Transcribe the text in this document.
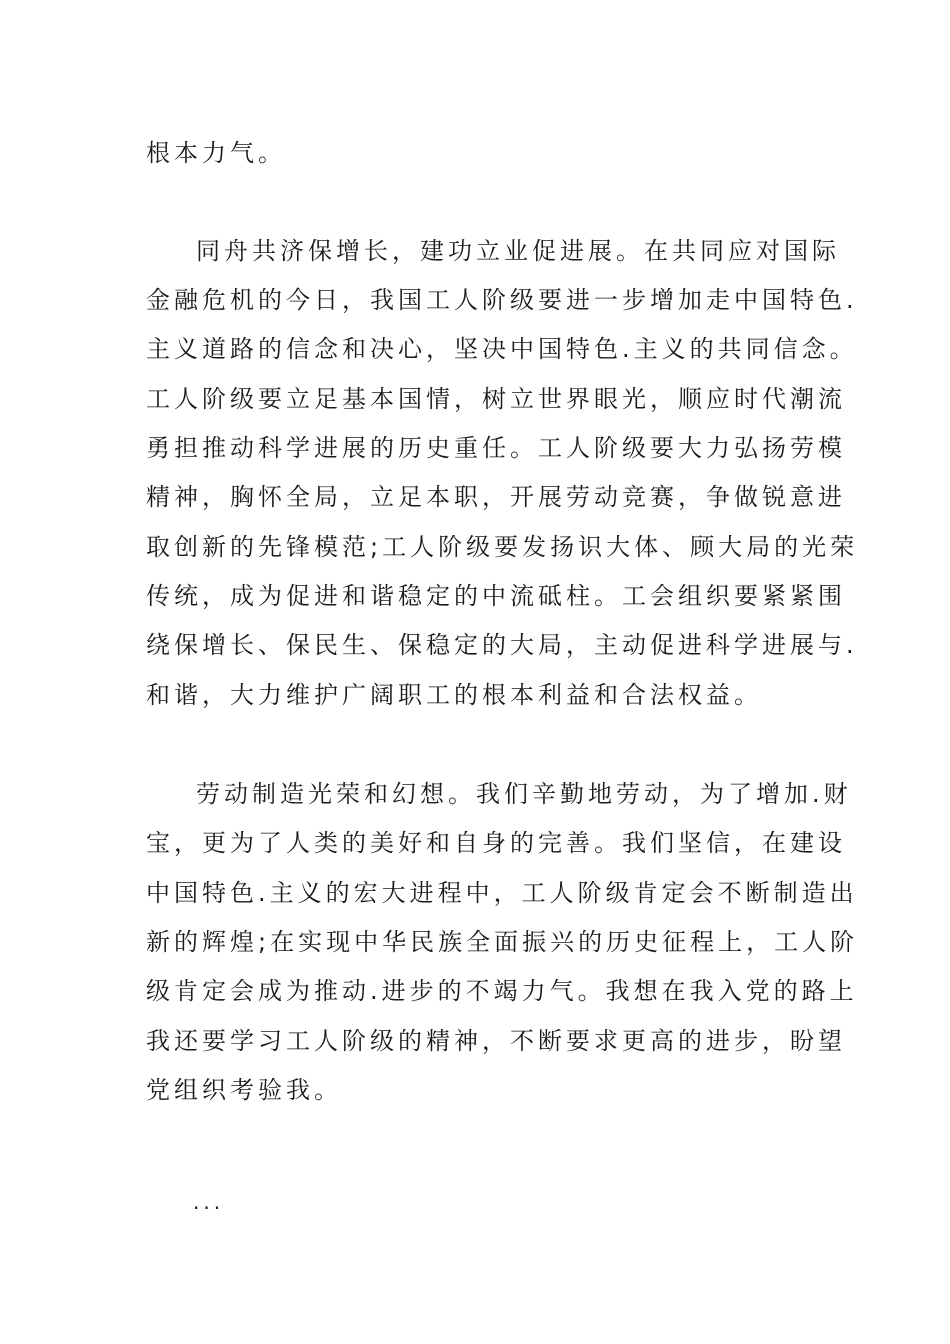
根本力气。
同舟共济保增长，建功立业促进展。在共同应对国际
金融危机的今日，我国工人阶级要进一步增加走中国特色.
主义道路的信念和决心，坚决中国特色.主义的共同信念。
工人阶级要立足基本国情，树立世界眼光，顺应时代潮流
勇担推动科学进展的历史重任。工人阶级要大力弘扬劳模
精神，胸怀全局，立足本职，开展劳动竞赛，争做锐意进
取创新的先锋模范;工人阶级要发扬识大体、顾大局的光荣
传统，成为促进和谐稳定的中流砥柱。工会组织要紧紧围
绕保增长、保民生、保稳定的大局，主动促进科学进展与.
和谐，大力维护广阔职工的根本利益和合法权益。
劳动制造光荣和幻想。我们辛勤地劳动，为了增加.财
宝，更为了人类的美好和自身的完善。我们坚信，在建设
中国特色.主义的宏大进程中，工人阶级肯定会不断制造出
新的辉煌;在实现中华民族全面振兴的历史征程上，工人阶
级肯定会成为推动.进步的不竭力气。我想在我入党的路上
我还要学习工人阶级的精神，不断要求更高的进步，盼望
党组织考验我。
...
